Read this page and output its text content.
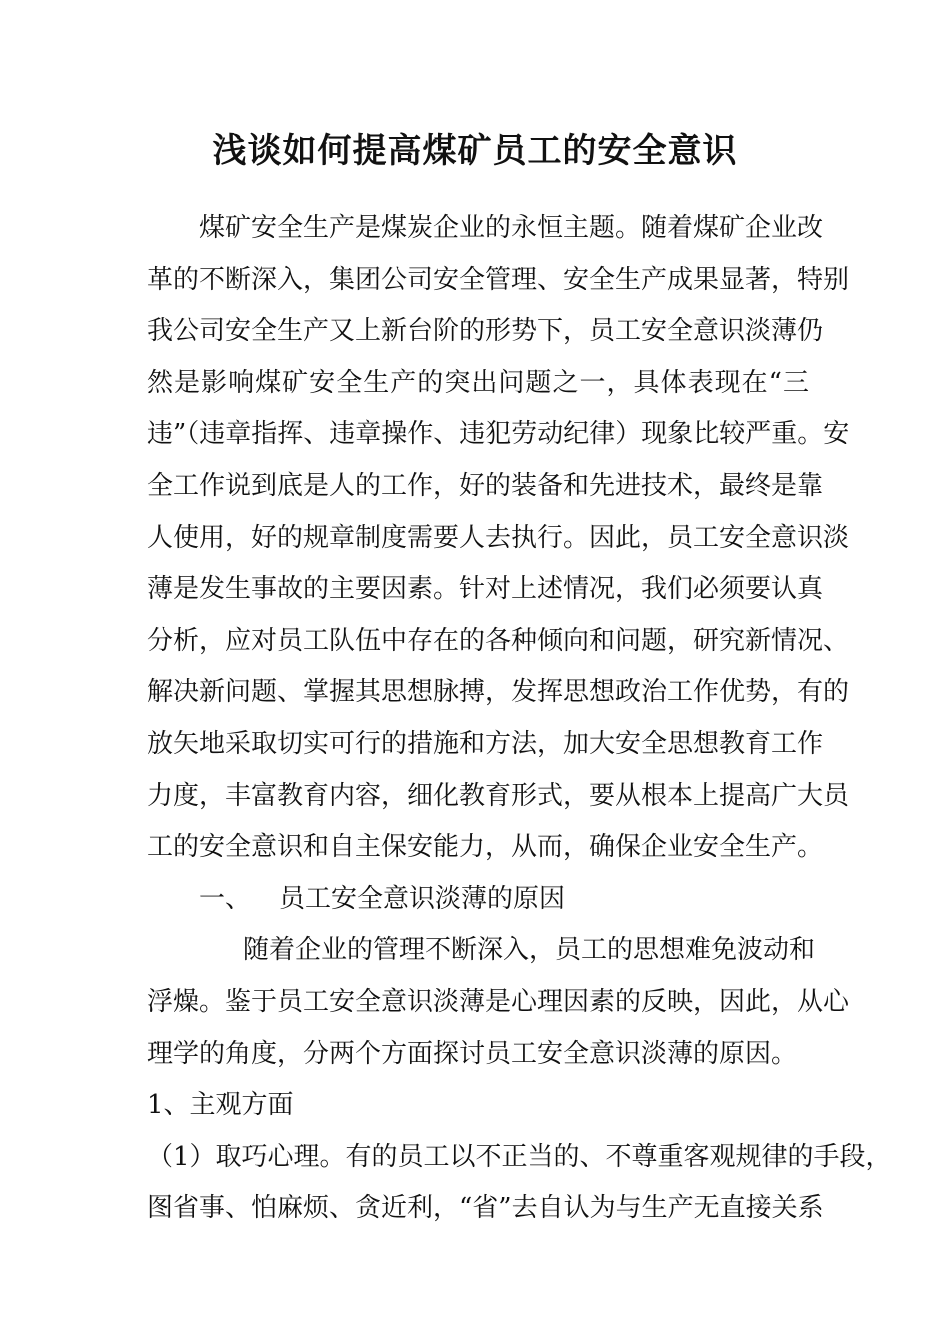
浅谈如何提高煤矿员工的安全意识
煤矿安全生产是煤炭企业的永恒主题。随着煤矿企业改
革的不断深入，集团公司安全管理、安全生产成果显著，特别
我公司安全生产又上新台阶的形势下，员工安全意识淡薄仍
然是影响煤矿安全生产的突出问题之一，具体表现在“三
违”（违章指挥、违章操作、违犯劳动纪律）现象比较严重。安
全工作说到底是人的工作，好的装备和先进技术，最终是靠
人使用，好的规章制度需要人去执行。因此，员工安全意识淡
薄是发生事故的主要因素。针对上述情况，我们必须要认真
分析，应对员工队伍中存在的各种倾向和问题，研究新情况、
解决新问题、掌握其思想脉搏，发挥思想政治工作优势，有的
放矢地采取切实可行的措施和方法，加大安全思想教育工作
力度，丰富教育内容，细化教育形式，要从根本上提高广大员
工的安全意识和自主保安能力，从而，确保企业安全生产。
一、 员工安全意识淡薄的原因
随着企业的管理不断深入，员工的思想难免波动和
浮燥。鉴于员工安全意识淡薄是心理因素的反映，因此，从心
理学的角度，分两个方面探讨员工安全意识淡薄的原因。
1、主观方面
（1）取巧心理。有的员工以不正当的、不尊重客观规律的手段，
图省事、怕麻烦、贪近利，“省”去自认为与生产无直接关系
